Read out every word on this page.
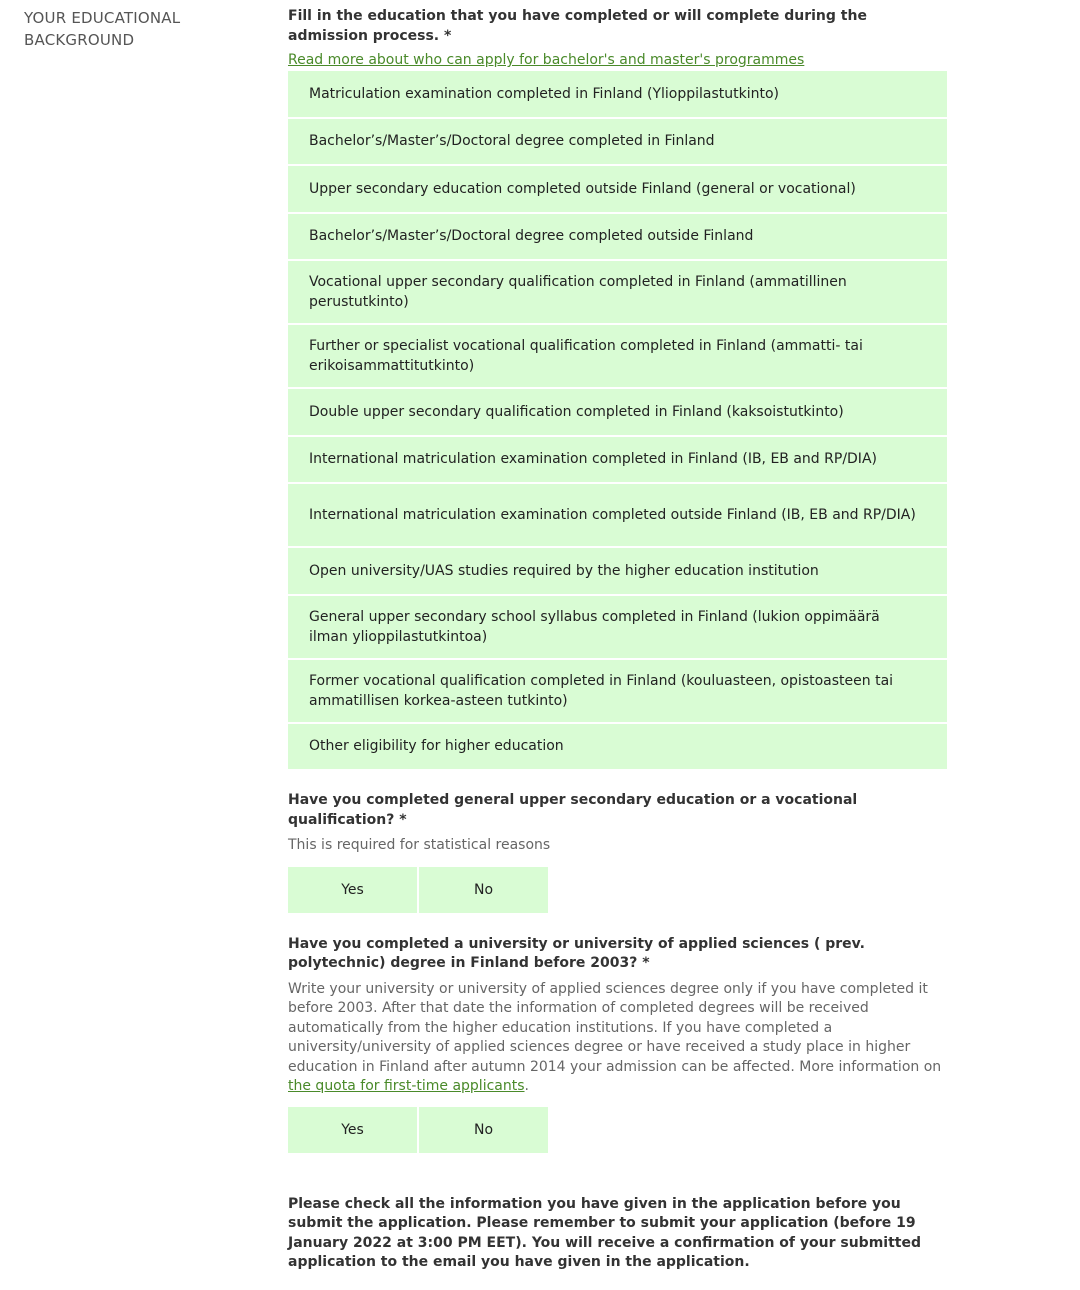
YOUR EDUCATIONAL BACKGROUND
Fill in the education that you have completed or will complete during the admission process. *
Read more about who can apply for bachelor's and master's programmes
Matriculation examination completed in Finland (Ylioppilastutkinto)
Bachelor’s/Master’s/Doctoral degree completed in Finland
Upper secondary education completed outside Finland (general or vocational)
Bachelor’s/Master’s/Doctoral degree completed outside Finland
Vocational upper secondary qualification completed in Finland (ammatillinen perustutkinto)
Further or specialist vocational qualification completed in Finland (ammatti- tai erikoisammattitutkinto)
Double upper secondary qualification completed in Finland (kaksoistutkinto)
International matriculation examination completed in Finland (IB, EB and RP/DIA)
International matriculation examination completed outside Finland (IB, EB and RP/DIA)
Open university/UAS studies required by the higher education institution
General upper secondary school syllabus completed in Finland (lukion oppimäärä ilman ylioppilastutkintoa)
Former vocational qualification completed in Finland (kouluasteen, opistoasteen tai ammatillisen korkea-asteen tutkinto)
Other eligibility for higher education
Have you completed general upper secondary education or a vocational qualification? *
This is required for statistical reasons
Yes	No
Have you completed a university or university of applied sciences ( prev. polytechnic) degree in Finland before 2003? *
Write your university or university of applied sciences degree only if you have completed it before 2003. After that date the information of completed degrees will be received automatically from the higher education institutions. If you have completed a university/university of applied sciences degree or have received a study place in higher education in Finland after autumn 2014 your admission can be affected. More information on the quota for first-time applicants.
Yes	No
Please check all the information you have given in the application before you submit the application. Please remember to submit your application (before 19 January 2022 at 3:00 PM EET). You will receive a confirmation of your submitted application to the email you have given in the application.
